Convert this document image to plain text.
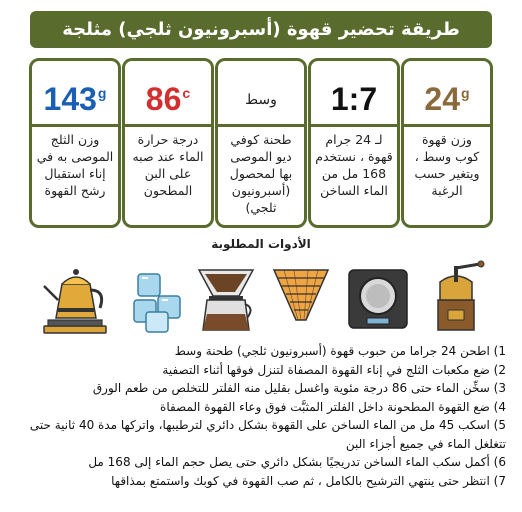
طريقة تحضير قهوة (أسبرونيون ثلجي) مثلجة
143$^g$
وزن الثلج الموصى به في إناء استقبال رشح القهوة
86$^c$
درجة حرارة الماء عند صبه على البن المطحون
وسط
طحنة كوفي ديو الموصى بها لمحصول (أسبرونيون ثلجي)
1:7
لـ 24 جرام قهوة ، نستخدم 168 مل من الماء الساخن
24$^g$
وزن قهوة كوب وسط ، ويتغير حسب الرغبة
الأدوات المطلوبة
1) اطحن 24 جراما من حبوب قهوة (أسبرونيون ثلجي) طحنة وسط
2) ضع مكعبات الثلج في إناء القهوة المصفاة لتنزل فوقها أثناء التصفية
3) سخِّن الماء حتى 86 درجة مئوية واغسل بقليل منه الفلتر للتخلص من طعم الورق
4) ضع القهوة المطحونة داخل الفلتر المثبَّت فوق وعاء القهوة المصفاة
5) اسكب 45 مل من الماء الساخن على القهوة بشكل دائري لترطيبها، واتركها مدة 40 ثانية حتى تتغلغل الماء في جميع أجزاء البن
6) أكمل سكب الماء الساخن تدريجيًا بشكل دائري حتى يصل حجم الماء إلى 168 مل
7) انتظر حتى ينتهي الترشيح بالكامل ، ثم صب القهوة في كوبك واستمتع بمذاقها
